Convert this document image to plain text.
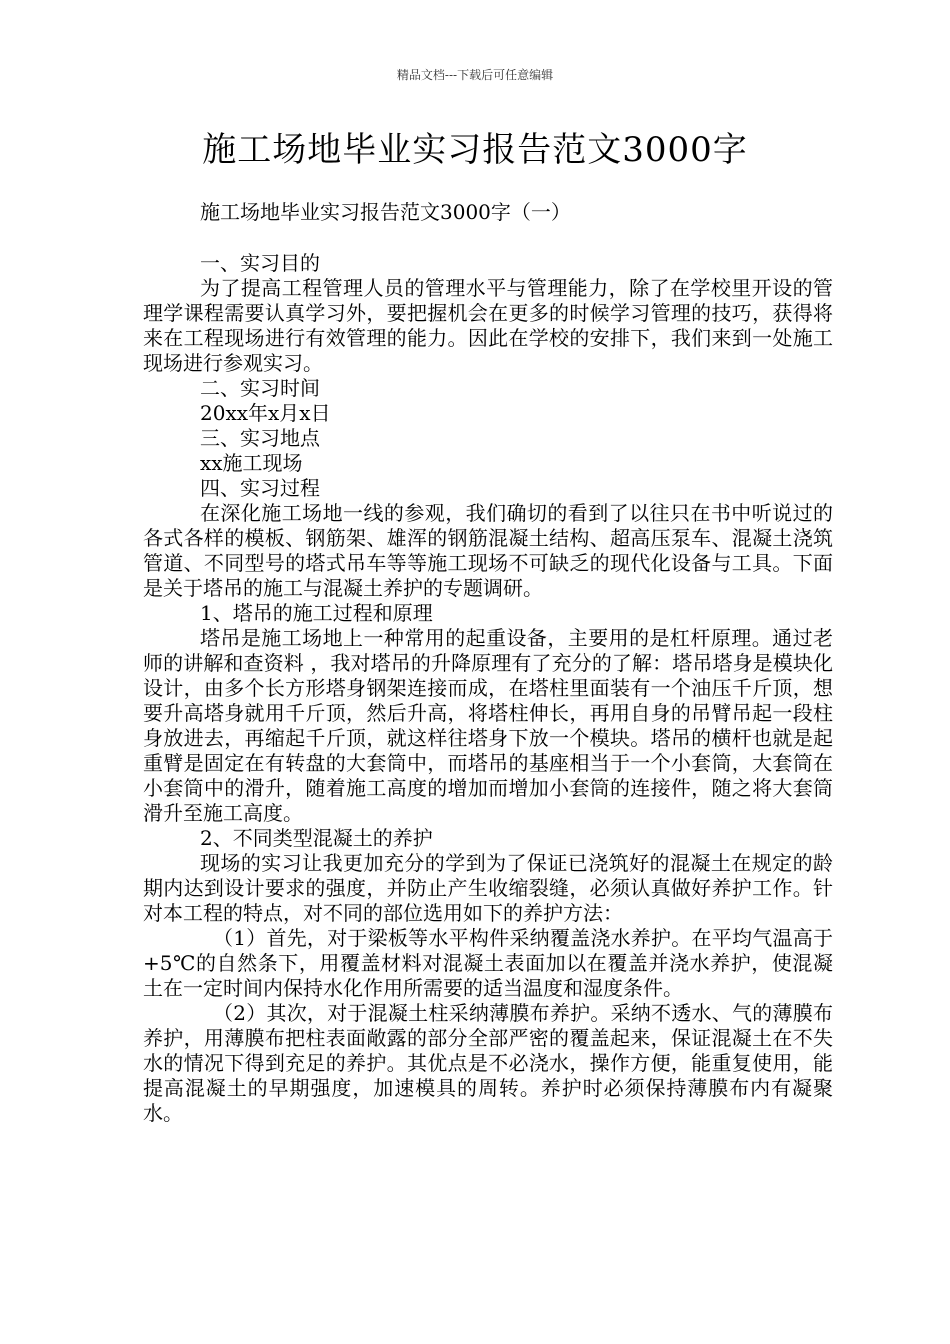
精品文档---下载后可任意编辑
施工场地毕业实习报告范文3000字
施工场地毕业实习报告范文3000字（一）

一、实习目的

为了提高工程管理人员的管理水平与管理能力，除了在学校里开设的管理学课程需要认真学习外，要把握机会在更多的时候学习管理的技巧，获得将来在工程现场进行有效管理的能力。因此在学校的安排下，我们来到一处施工现场进行参观实习。

二、实习时间

20xx年x月x日

三、实习地点

xx施工现场

四、实习过程

在深化施工场地一线的参观，我们确切的看到了以往只在书中听说过的各式各样的模板、钢筋架、雄浑的钢筋混凝土结构、超高压泵车、混凝土浇筑管道、不同型号的塔式吊车等等施工现场不可缺乏的现代化设备与工具。下面是关于塔吊的施工与混凝土养护的专题调研。

1、塔吊的施工过程和原理

塔吊是施工场地上一种常用的起重设备，主要用的是杠杆原理。通过老师的讲解和查资料 ，我对塔吊的升降原理有了充分的了解：塔吊塔身是模块化设计，由多个长方形塔身钢架连接而成，在塔柱里面装有一个油压千斤顶，想要升高塔身就用千斤顶，然后升高，将塔柱伸长，再用自身的吊臂吊起一段柱身放进去，再缩起千斤顶，就这样往塔身下放一个模块。塔吊的横杆也就是起重臂是固定在有转盘的大套筒中，而塔吊的基座相当于一个小套筒，大套筒在小套筒中的滑升，随着施工高度的增加而增加小套筒的连接件，随之将大套筒滑升至施工高度。

2、不同类型混凝土的养护

现场的实习让我更加充分的学到为了保证已浇筑好的混凝土在规定的龄期内达到设计要求的强度，并防止产生收缩裂缝，必须认真做好养护工作。针对本工程的特点，对不同的部位选用如下的养护方法：

（1）首先，对于梁板等水平构件采纳覆盖浇水养护。在平均气温高于+5℃的自然条下，用覆盖材料对混凝土表面加以在覆盖并浇水养护，使混凝土在一定时间内保持水化作用所需要的适当温度和湿度条件。

（2）其次，对于混凝土柱采纳薄膜布养护。采纳不透水、气的薄膜布养护，用薄膜布把柱表面敞露的部分全部严密的覆盖起来，保证混凝土在不失水的情况下得到充足的养护。其优点是不必浇水，操作方便，能重复使用，能提高混凝土的早期强度，加速模具的周转。养护时必须保持薄膜布内有凝聚水。
